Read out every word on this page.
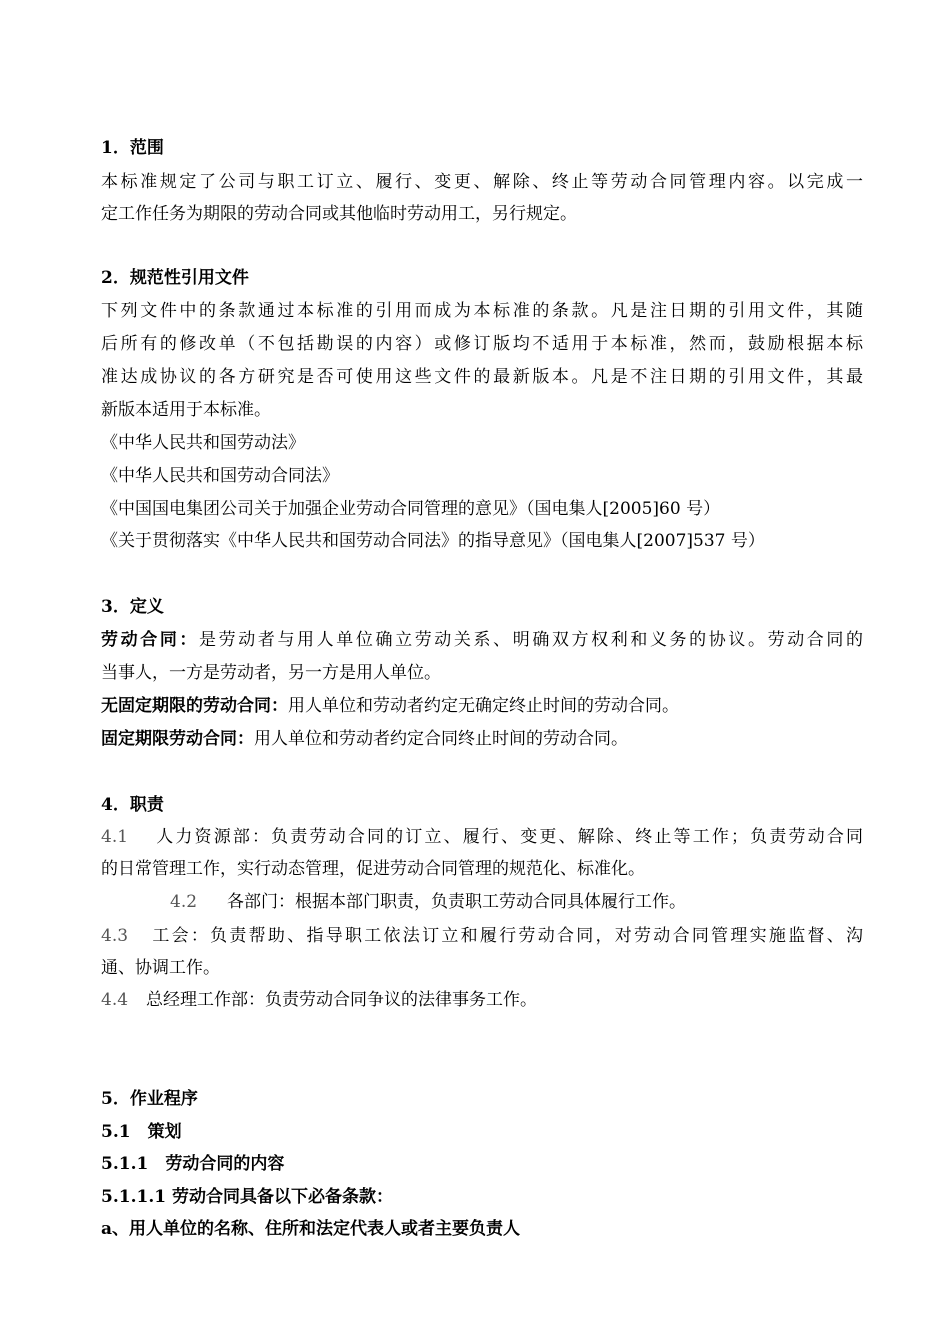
1．范围
本标准规定了公司与职工订立、履行、变更、解除、终止等劳动合同管理内容。以完成一
定工作任务为期限的劳动合同或其他临时劳动用工，另行规定。
2．规范性引用文件
下列文件中的条款通过本标准的引用而成为本标准的条款。凡是注日期的引用文件，其随
后所有的修改单（不包括勘误的内容）或修订版均不适用于本标准，然而，鼓励根据本标
准达成协议的各方研究是否可使用这些文件的最新版本。凡是不注日期的引用文件，其最
新版本适用于本标准。
《中华人民共和国劳动法》
《中华人民共和国劳动合同法》
《中国国电集团公司关于加强企业劳动合同管理的意见》（国电集人[2005]60 号）
《关于贯彻落实《中华人民共和国劳动合同法》的指导意见》（国电集人[2007]537 号）
3．定义
劳动合同：是劳动者与用人单位确立劳动关系、明确双方权利和义务的协议。劳动合同的
当事人，一方是劳动者，另一方是用人单位。
无固定期限的劳动合同：用人单位和劳动者约定无确定终止时间的劳动合同。
固定期限劳动合同：用人单位和劳动者约定合同终止时间的劳动合同。
4．职责
4.1 人力资源部：负责劳动合同的订立、履行、变更、解除、终止等工作；负责劳动合同
的日常管理工作，实行动态管理，促进劳动合同管理的规范化、标准化。
4.2 各部门：根据本部门职责，负责职工劳动合同具体履行工作。
4.3 工会：负责帮助、指导职工依法订立和履行劳动合同，对劳动合同管理实施监督、沟
通、协调工作。
4.4 总经理工作部：负责劳动合同争议的法律事务工作。
5．作业程序
5.1　策划
5.1.1　劳动合同的内容
5.1.1.1 劳动合同具备以下必备条款：
a、用人单位的名称、住所和法定代表人或者主要负责人
